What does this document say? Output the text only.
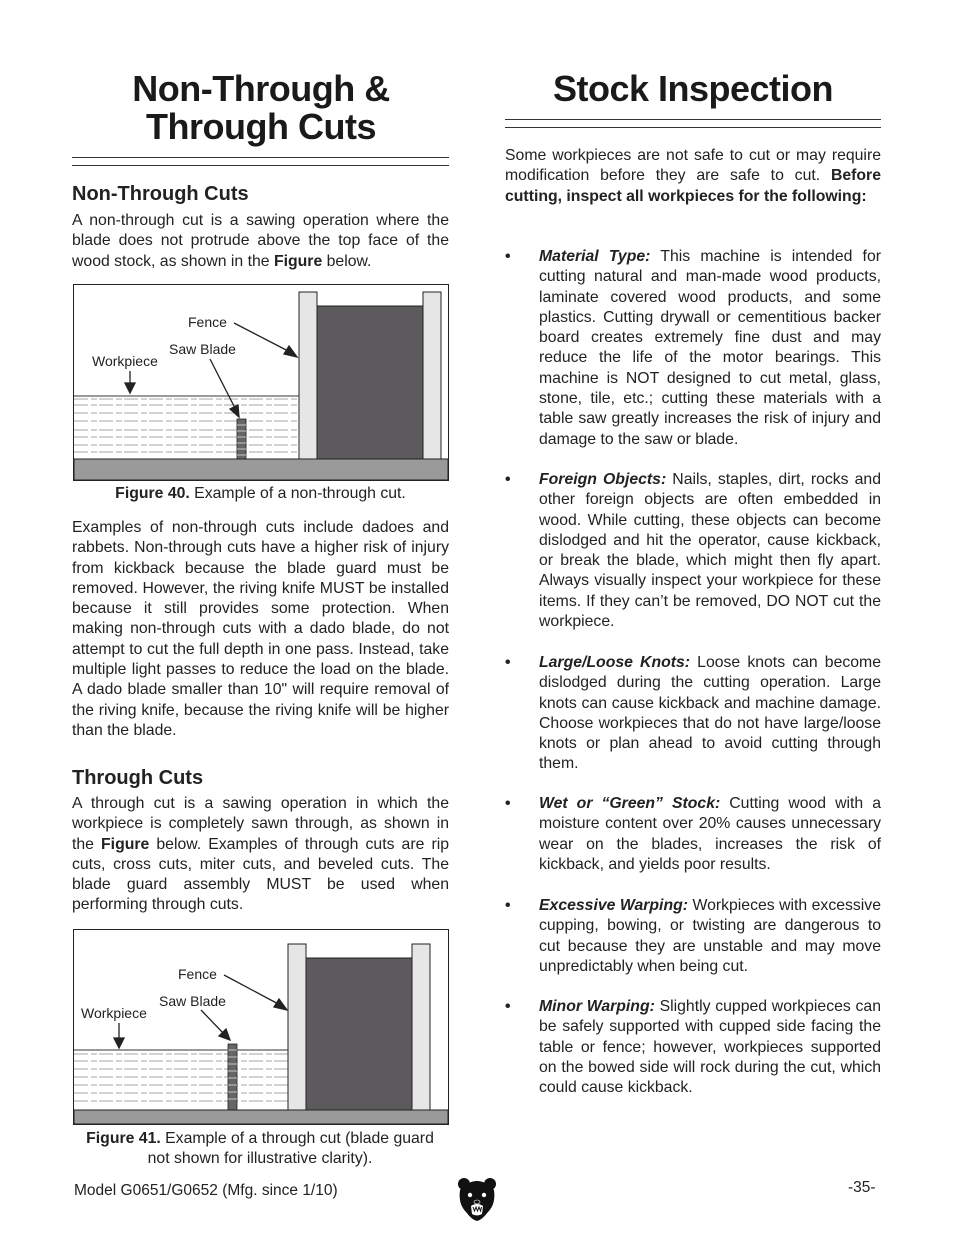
Non-Through &
Through Cuts
Non-Through Cuts

A non-through cut is a sawing operation where the blade does not protrude above the top face of the wood stock, as shown in the Figure below.

Fence
Saw Blade
Workpiece

Figure 40. Example of a non-through cut.

Examples of non-through cuts include dadoes and rabbets. Non-through cuts have a higher risk of injury from kickback because the blade guard must be removed. However, the riving knife MUST be installed because it still provides some protection. When making non-through cuts with a dado blade, do not attempt to cut the full depth in one pass. Instead, take multiple light passes to reduce the load on the blade. A dado blade smaller than 10" will require removal of the riving knife, because the riving knife will be higher than the blade.

Through Cuts

A through cut is a sawing operation in which the workpiece is completely sawn through, as shown in the Figure below. Examples of through cuts are rip cuts, cross cuts, miter cuts, and beveled cuts. The blade guard assembly MUST be used when performing through cuts.

Fence
Saw Blade
Workpiece

Figure 41. Example of a through cut (blade guard not shown for illustrative clarity).

Stock Inspection

Some workpieces are not safe to cut or may require modification before they are safe to cut. Before cutting, inspect all workpieces for the following:

• Material Type: This machine is intended for cutting natural and man-made wood products, laminate covered wood products, and some plastics. Cutting drywall or cementitious backer board creates extremely fine dust and may reduce the life of the motor bearings. This machine is NOT designed to cut metal, glass, stone, tile, etc.; cutting these materials with a table saw greatly increases the risk of injury and damage to the saw or blade.
• Foreign Objects: Nails, staples, dirt, rocks and other foreign objects are often embedded in wood. While cutting, these objects can become dislodged and hit the operator, cause kickback, or break the blade, which might then fly apart. Always visually inspect your workpiece for these items. If they can’t be removed, DO NOT cut the workpiece.
• Large/Loose Knots: Loose knots can become dislodged during the cutting operation. Large knots can cause kickback and machine damage. Choose workpieces that do not have large/loose knots or plan ahead to avoid cutting through them.
• Wet or “Green” Stock: Cutting wood with a moisture content over 20% causes unnecessary wear on the blades, increases the risk of kickback, and yields poor results.
• Excessive Warping: Workpieces with excessive cupping, bowing, or twisting are dangerous to cut because they are unstable and may move unpredictably when being cut.
• Minor Warping: Slightly cupped workpieces can be safely supported with cupped side facing the table or fence; however, workpieces supported on the bowed side will rock during the cut, which could cause kickback.
Model G0651/G0652 (Mfg. since 1/10)	-35-
